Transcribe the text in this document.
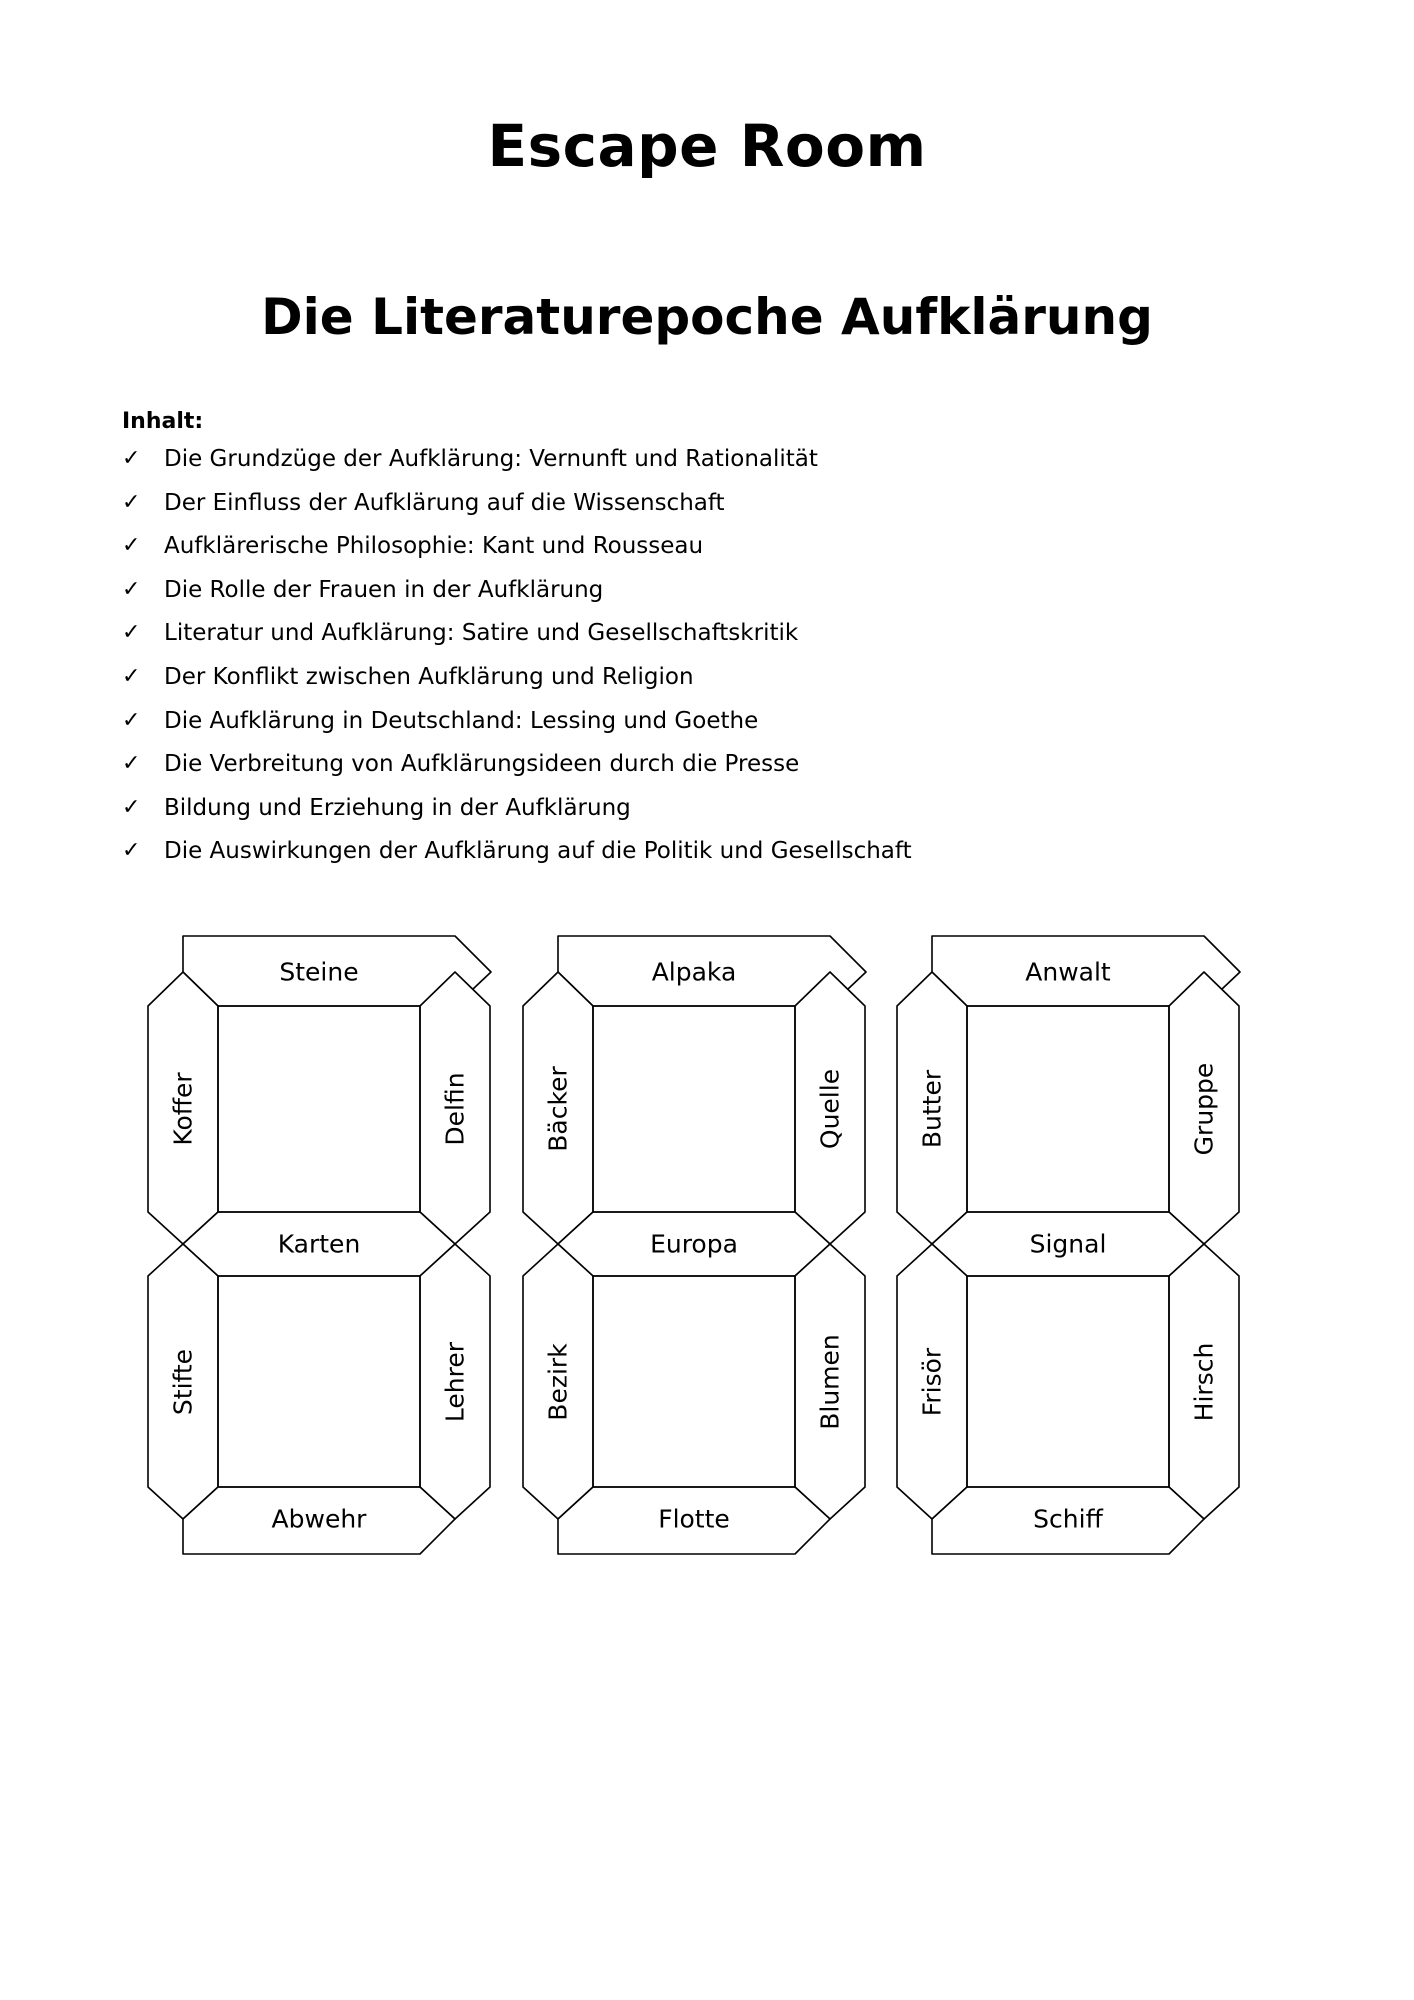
Escape Room
Die Literaturepoche Aufklärung
Inhalt:
✓ Die Grundzüge der Aufklärung: Vernunft und Rationalität
✓ Der Einfluss der Aufklärung auf die Wissenschaft
✓ Aufklärerische Philosophie: Kant und Rousseau
✓ Die Rolle der Frauen in der Aufklärung
✓ Literatur und Aufklärung: Satire und Gesellschaftskritik
✓ Der Konflikt zwischen Aufklärung und Religion
✓ Die Aufklärung in Deutschland: Lessing und Goethe
✓ Die Verbreitung von Aufklärungsideen durch die Presse
✓ Bildung und Erziehung in der Aufklärung
✓ Die Auswirkungen der Aufklärung auf die Politik und Gesellschaft
Steine
Koffer	Delfin
Karten
Stifte	Lehrer
Abwehr
Alpaka
Bäcker	Quelle
Europa
Bezirk	Blumen
Flotte
Anwalt
Butter	Gruppe
Signal
Frisör	Hirsch
Schiff
